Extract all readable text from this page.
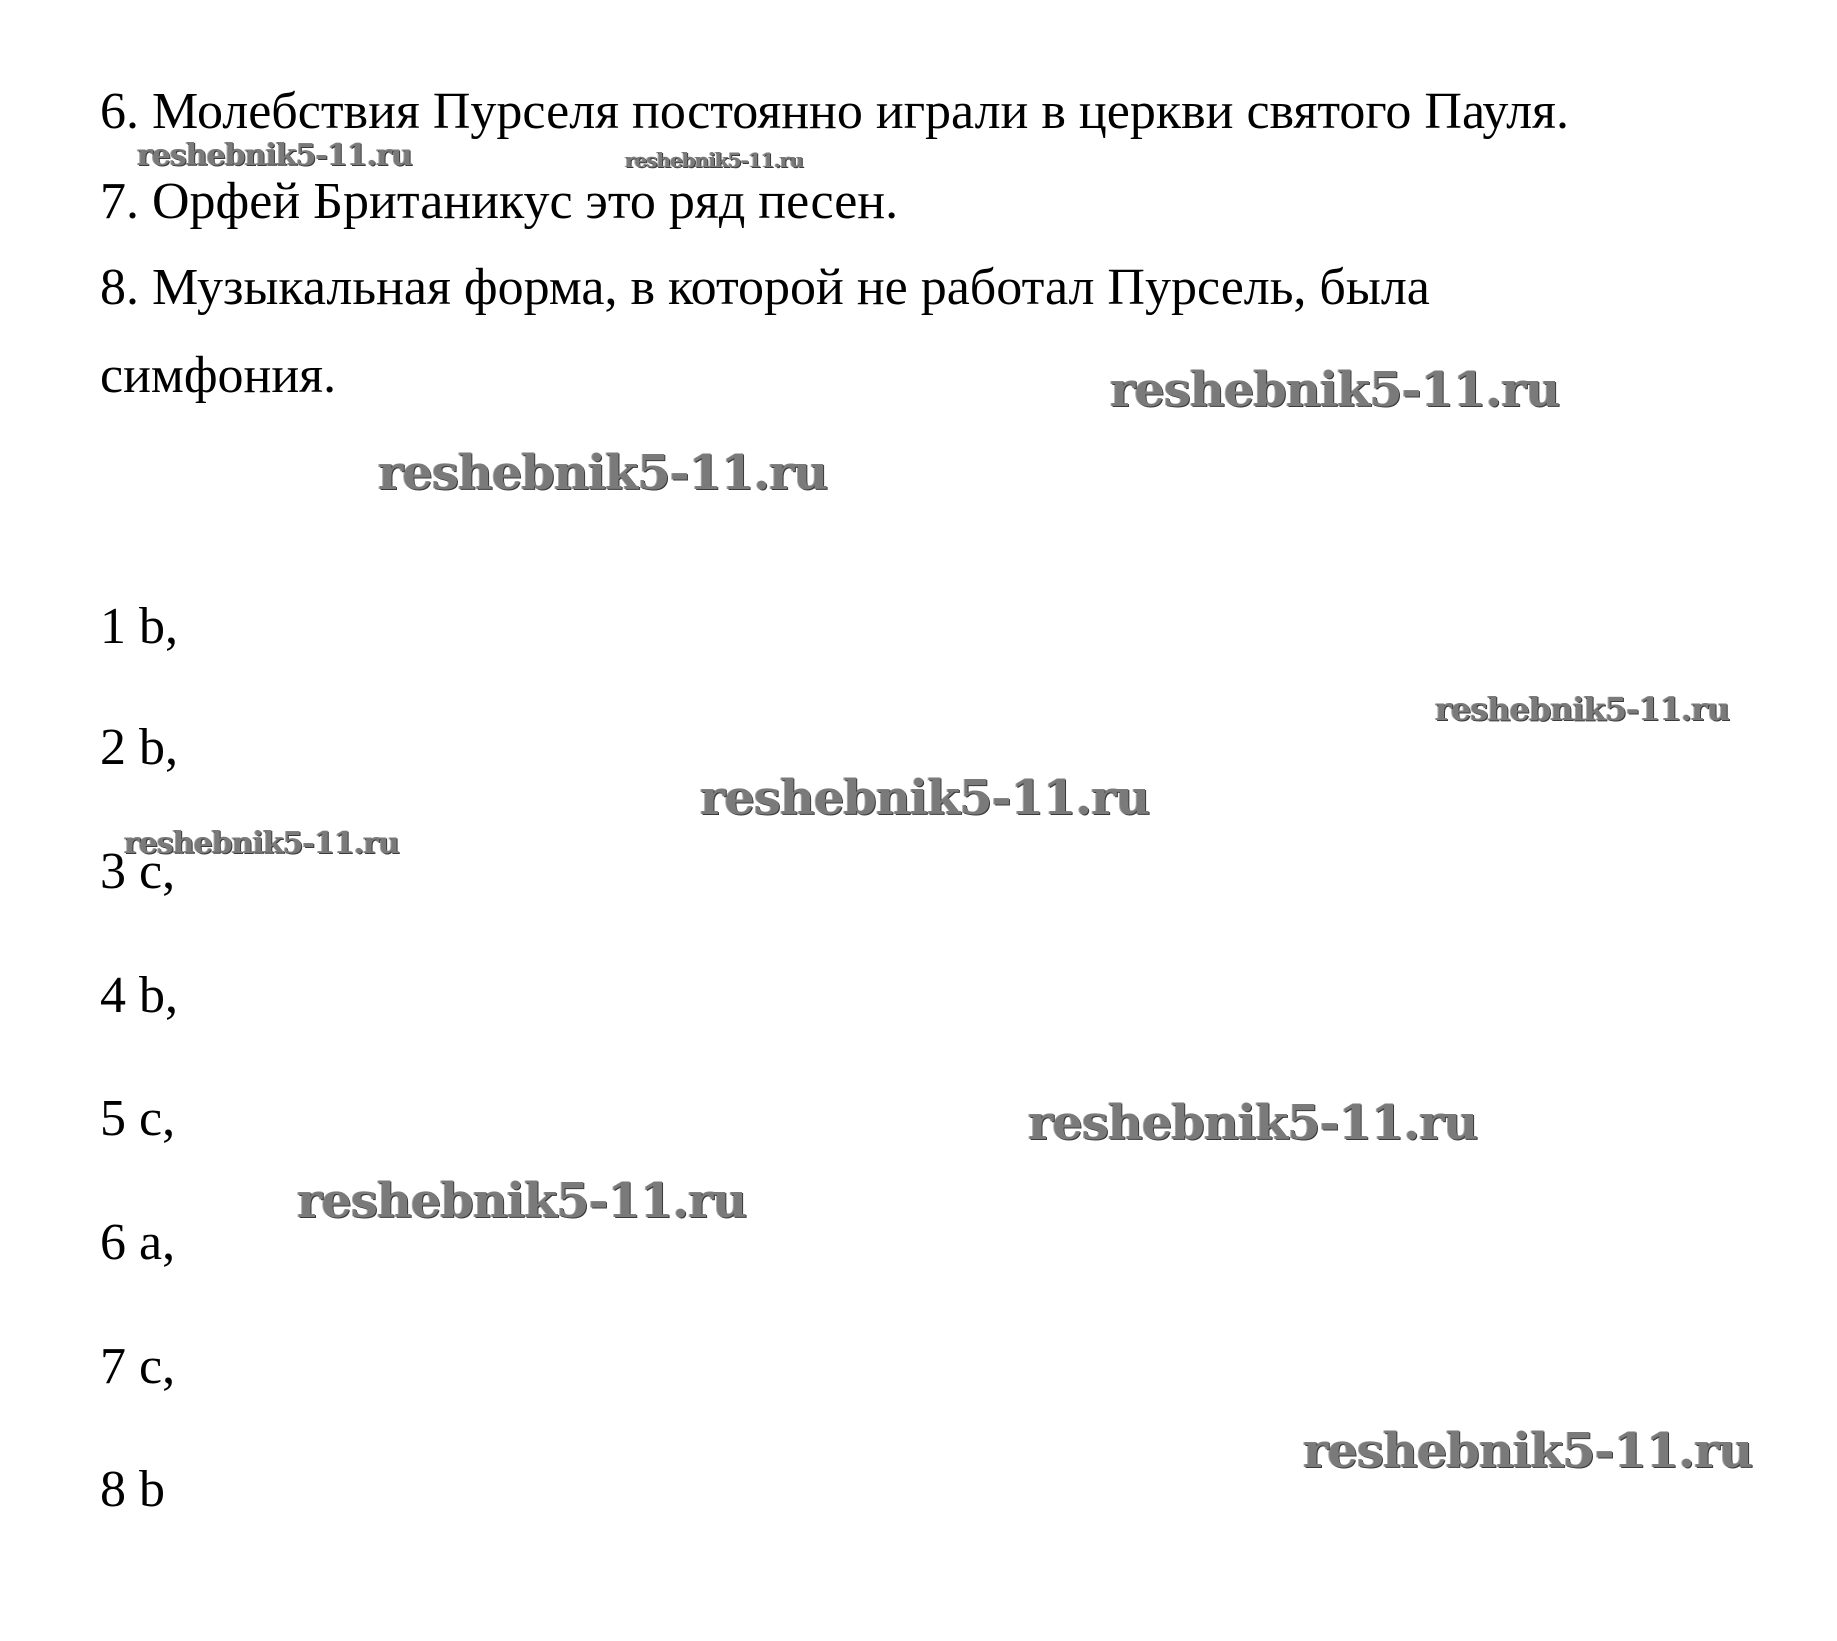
6. Молебствия Пурселя постоянно играли в церкви святого Пауля.

7. Орфей Британикус это ряд песен.

8. Музыкальная форма, в которой не работал Пурсель, была

симфония.

1 b,

2 b,

3 c,

4 b,

5 c,

6 a,

7 c,

8 b

reshebnik5-11.ru	reshebnik5-11.ru
reshebnik5-11.ru
reshebnik5-11.ru
reshebnik5-11.ru
reshebnik5-11.ru
reshebnik5-11.ru
reshebnik5-11.ru
reshebnik5-11.ru
reshebnik5-11.ru
